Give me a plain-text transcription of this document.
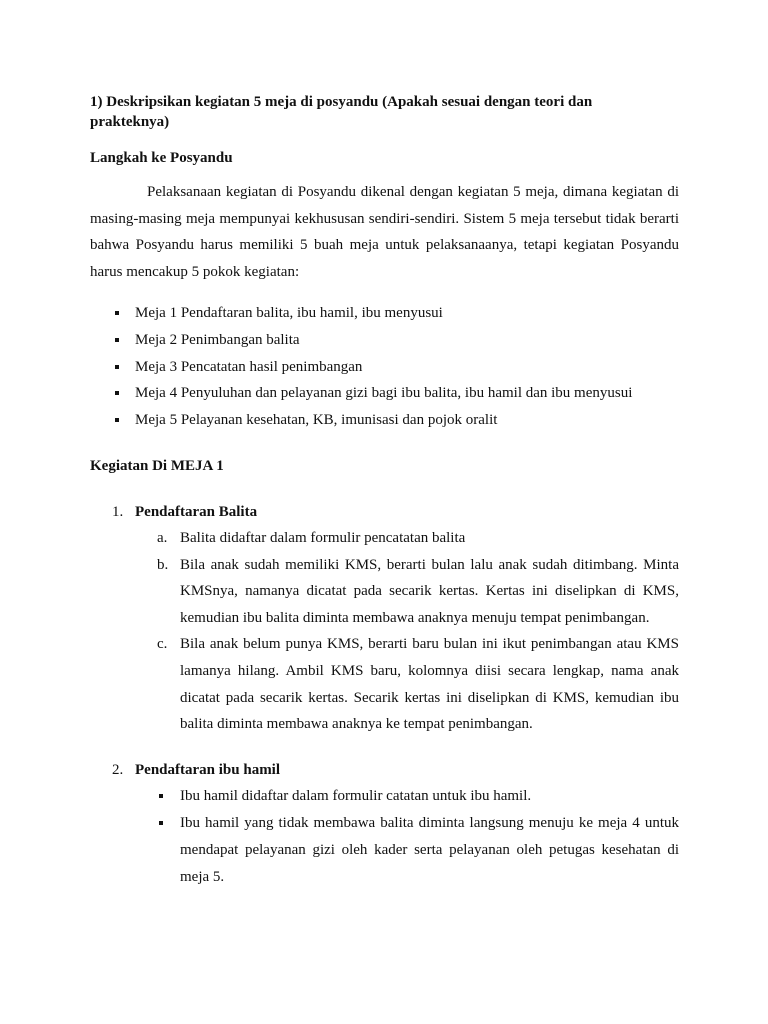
1) Deskripsikan kegiatan 5 meja di posyandu (Apakah sesuai dengan teori dan prakteknya)
Langkah ke Posyandu
Pelaksanaan kegiatan di Posyandu dikenal dengan kegiatan 5 meja, dimana kegiatan di masing-masing meja mempunyai kekhususan sendiri-sendiri. Sistem 5 meja tersebut tidak berarti bahwa Posyandu harus memiliki 5 buah meja untuk pelaksanaanya, tetapi kegiatan Posyandu harus mencakup 5 pokok kegiatan:
Meja 1 Pendaftaran balita, ibu hamil, ibu menyusui
Meja 2 Penimbangan balita
Meja 3 Pencatatan hasil penimbangan
Meja 4 Penyuluhan dan pelayanan gizi bagi ibu balita, ibu hamil dan ibu menyusui
Meja 5 Pelayanan kesehatan, KB, imunisasi dan pojok oralit
Kegiatan Di MEJA 1
1. Pendaftaran Balita
a. Balita didaftar dalam formulir pencatatan balita
b. Bila anak sudah memiliki KMS, berarti bulan lalu anak sudah ditimbang. Minta KMSnya, namanya dicatat pada secarik kertas. Kertas ini diselipkan di KMS, kemudian ibu balita diminta membawa anaknya menuju tempat penimbangan.
c. Bila anak belum punya KMS, berarti baru bulan ini ikut penimbangan atau KMS lamanya hilang. Ambil KMS baru, kolomnya diisi secara lengkap, nama anak dicatat pada secarik kertas. Secarik kertas ini diselipkan di KMS, kemudian ibu balita diminta membawa anaknya ke tempat penimbangan.
2. Pendaftaran ibu hamil
Ibu hamil didaftar dalam formulir catatan untuk ibu hamil.
Ibu hamil yang tidak membawa balita diminta langsung menuju ke meja 4 untuk mendapat pelayanan gizi oleh kader serta pelayanan oleh petugas kesehatan di meja 5.
